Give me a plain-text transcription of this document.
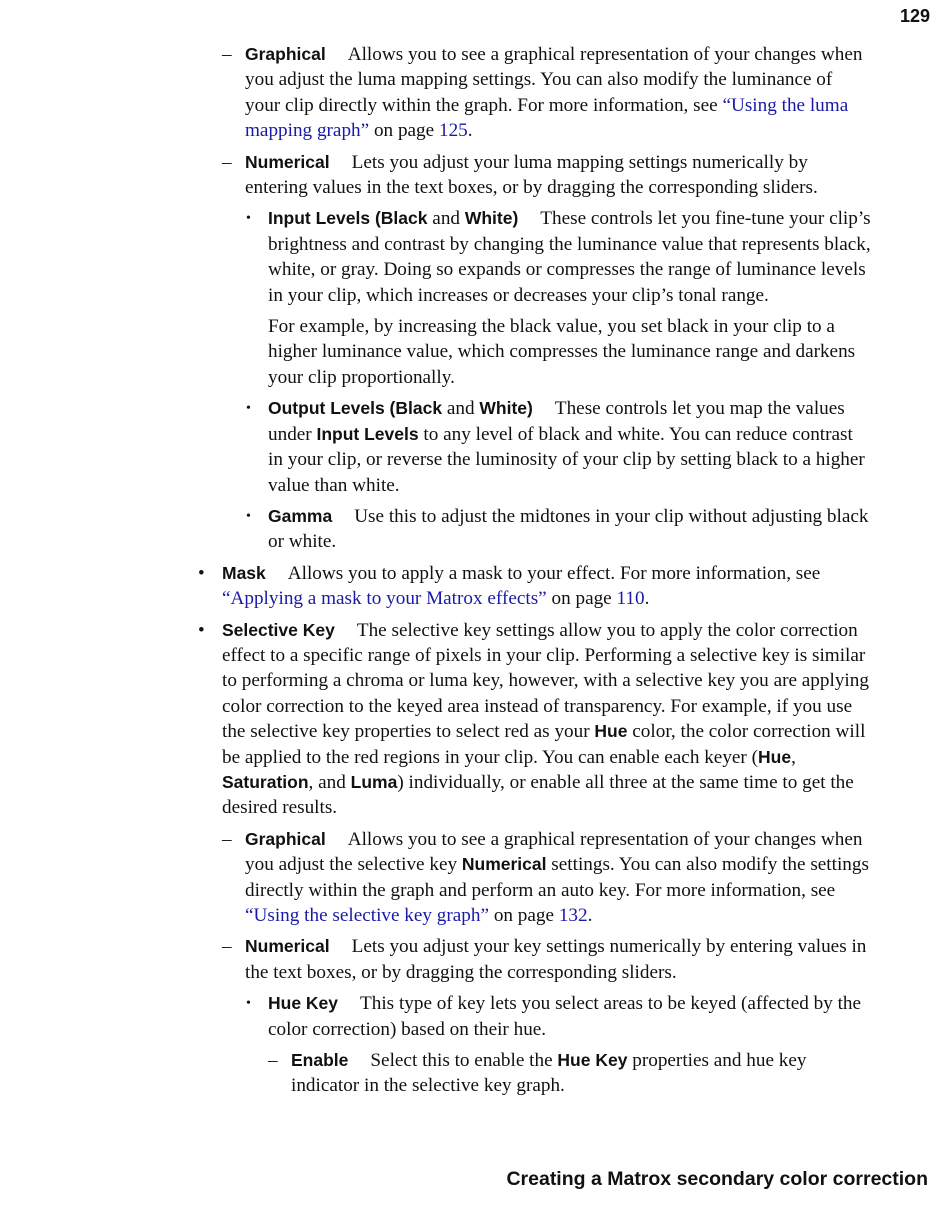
129
– Graphical Allows you to see a graphical representation of your changes when you adjust the luma mapping settings. You can also modify the luminance of your clip directly within the graph. For more information, see “Using the luma mapping graph” on page 125.
– Numerical Lets you adjust your luma mapping settings numerically by entering values in the text boxes, or by dragging the corresponding sliders.
• Input Levels (Black and White) These controls let you fine-tune your clip’s brightness and contrast by changing the luminance value that represents black, white, or gray. Doing so expands or compresses the range of luminance levels in your clip, which increases or decreases your clip’s tonal range.
For example, by increasing the black value, you set black in your clip to a higher luminance value, which compresses the luminance range and darkens your clip proportionally.
• Output Levels (Black and White) These controls let you map the values under Input Levels to any level of black and white. You can reduce contrast in your clip, or reverse the luminosity of your clip by setting black to a higher value than white.
• Gamma Use this to adjust the midtones in your clip without adjusting black or white.
• Mask Allows you to apply a mask to your effect. For more information, see “Applying a mask to your Matrox effects” on page 110.
• Selective Key The selective key settings allow you to apply the color correction effect to a specific range of pixels in your clip. Performing a selective key is similar to performing a chroma or luma key, however, with a selective key you are applying color correction to the keyed area instead of transparency. For example, if you use the selective key properties to select red as your Hue color, the color correction will be applied to the red regions in your clip. You can enable each keyer (Hue, Saturation, and Luma) individually, or enable all three at the same time to get the desired results.
– Graphical Allows you to see a graphical representation of your changes when you adjust the selective key Numerical settings. You can also modify the settings directly within the graph and perform an auto key. For more information, see “Using the selective key graph” on page 132.
– Numerical Lets you adjust your key settings numerically by entering values in the text boxes, or by dragging the corresponding sliders.
• Hue Key This type of key lets you select areas to be keyed (affected by the color correction) based on their hue.
– Enable Select this to enable the Hue Key properties and hue key indicator in the selective key graph.
Creating a Matrox secondary color correction
